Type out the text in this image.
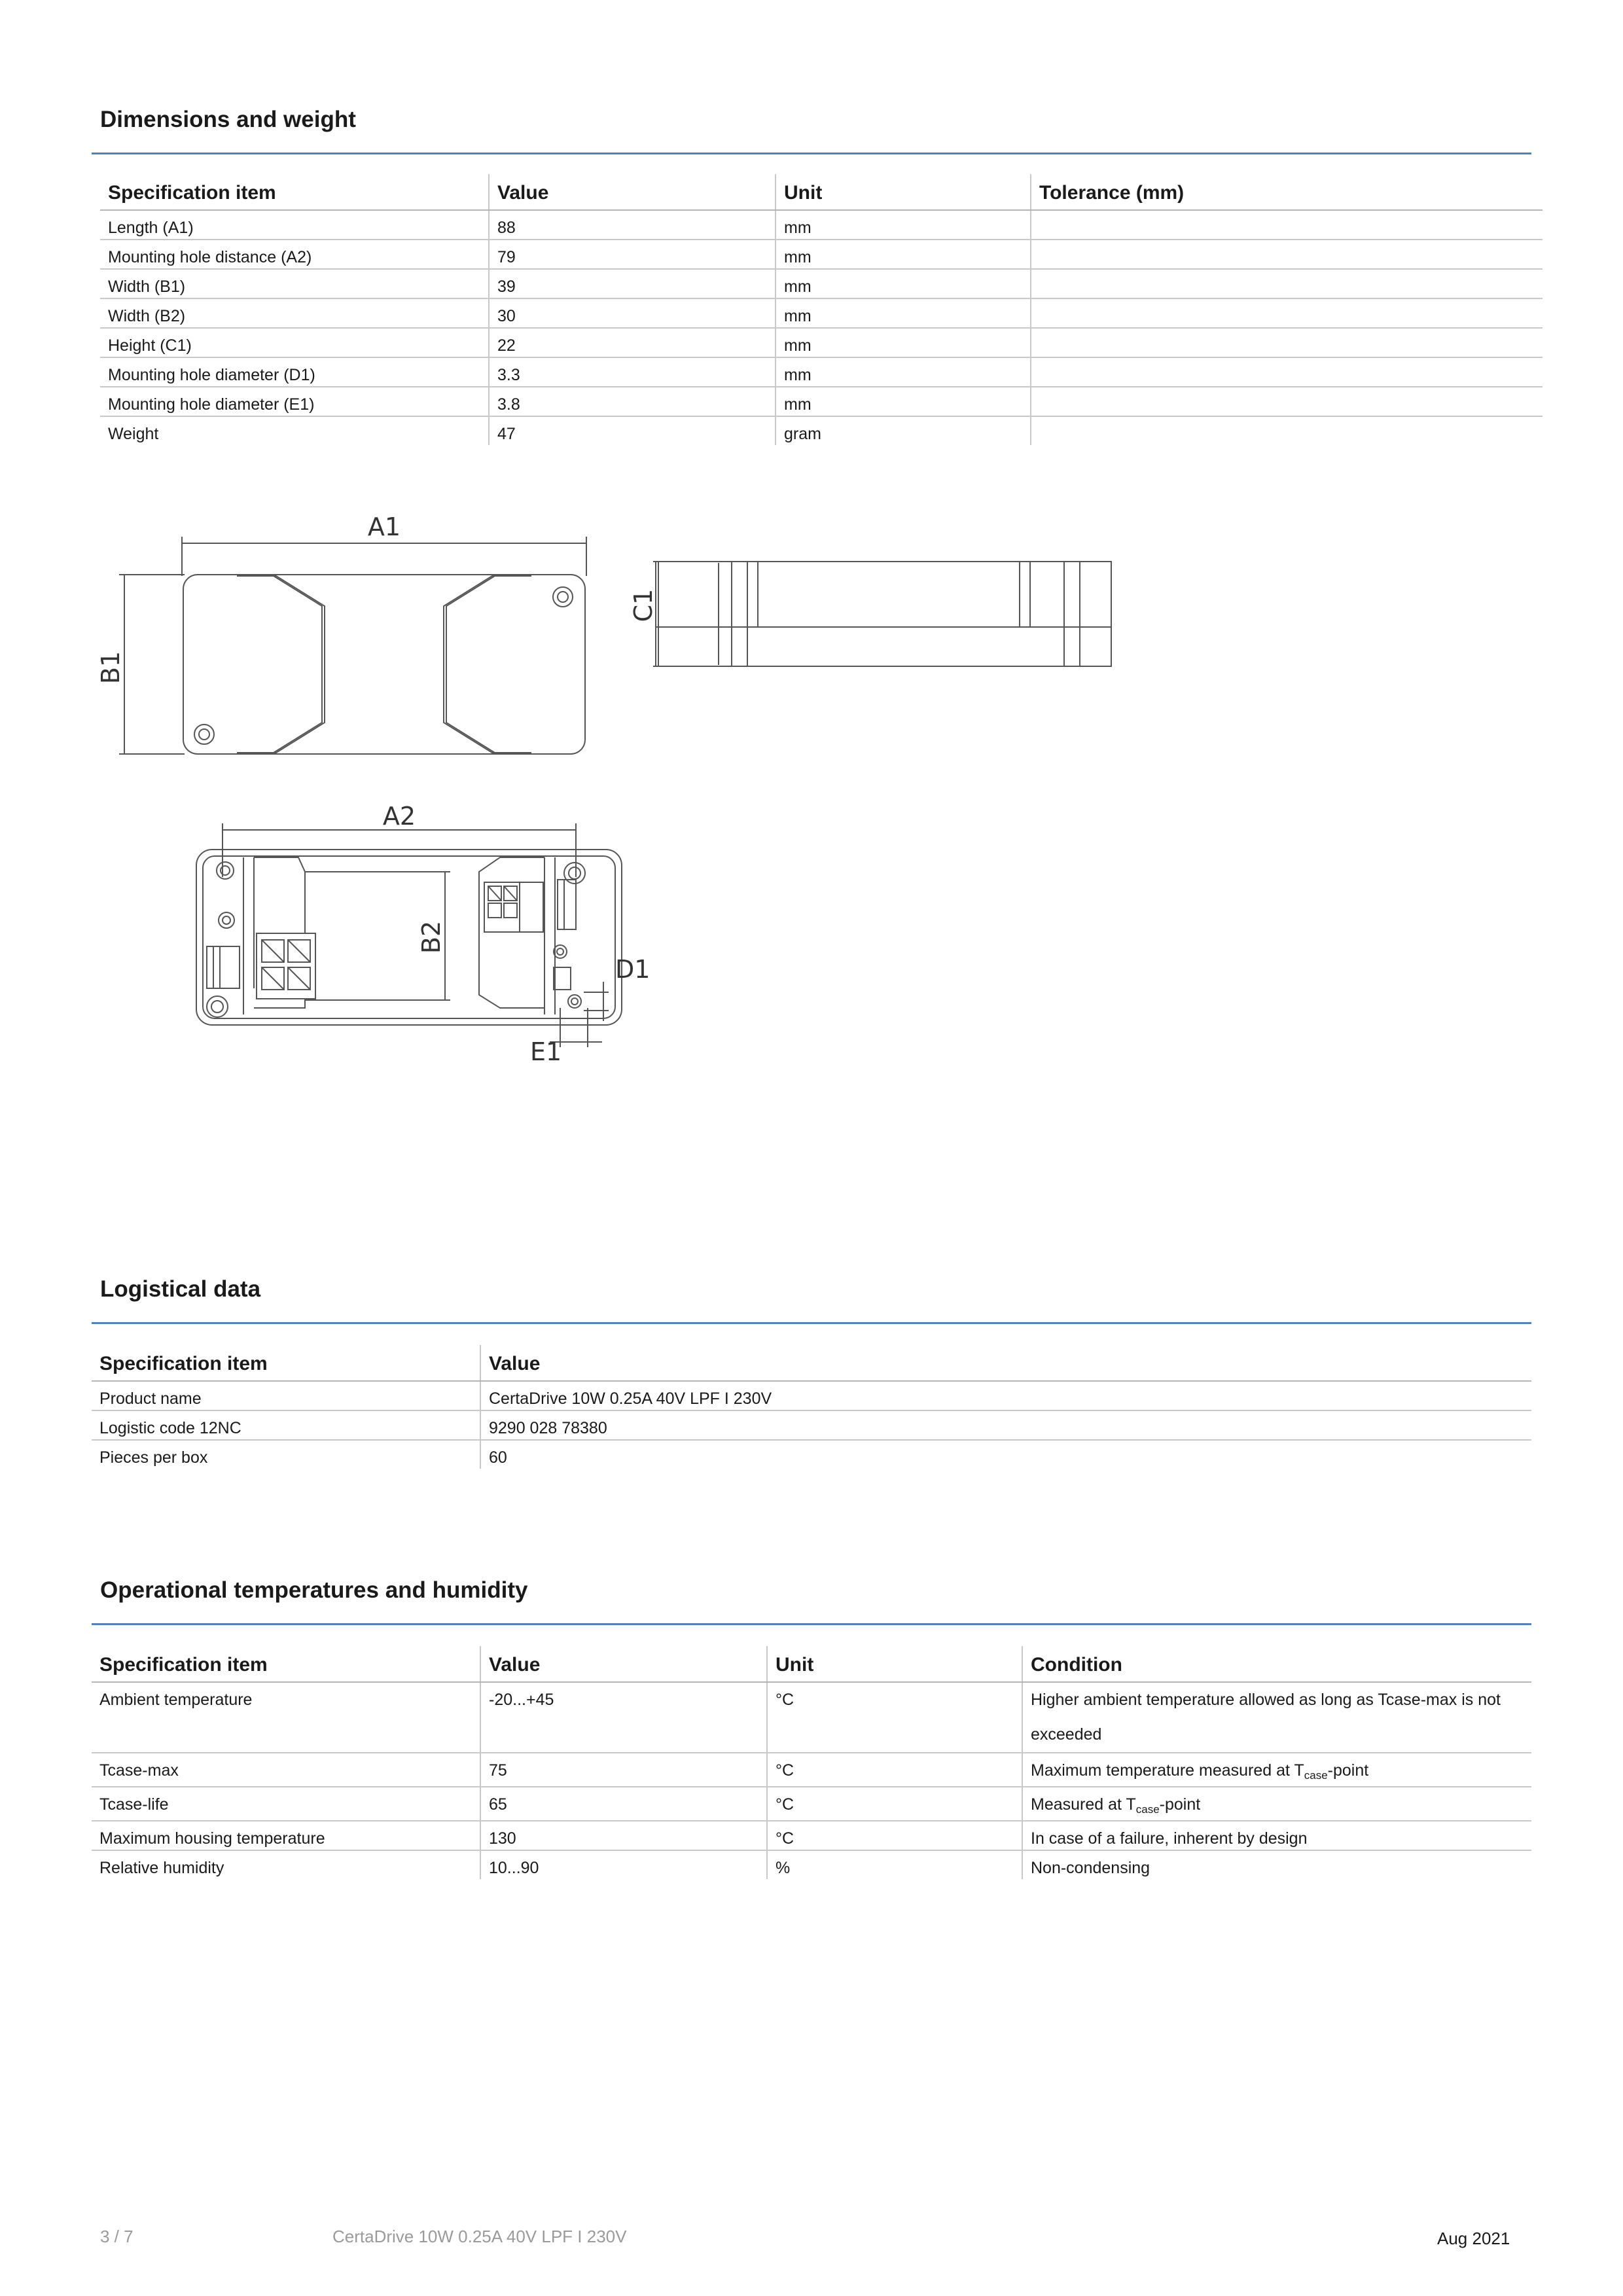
Dimensions and weight
Specification item	Value	Unit	Tolerance (mm)
Length (A1)	88	mm	
Mounting hole distance (A2)	79	mm	
Width (B1)	39	mm	
Width (B2)	30	mm	
Height (C1)	22	mm	
Mounting hole diameter (D1)	3.3	mm	
Mounting hole diameter (E1)	3.8	mm	
Weight	47	gram	
A1
B1
C1
A2
B2
D1
E1
Logistical data
Specification item	Value
Product name	CertaDrive 10W 0.25A 40V LPF I 230V
Logistic code 12NC	9290 028 78380
Pieces per box	60
Operational temperatures and humidity
Specification item	Value	Unit	Condition
Ambient temperature	-20...+45	°C	Higher ambient temperature allowed as long as Tcase-max is not exceeded
Tcase-max	75	°C	Maximum temperature measured at $T_{case}$-point
Tcase-life	65	°C	Measured at $T_{case}$-point
Maximum housing temperature	130	°C	In case of a failure, inherent by design
Relative humidity	10...90	%	Non-condensing
3 / 7	CertaDrive 10W 0.25A 40V LPF I 230V	Aug 2021
